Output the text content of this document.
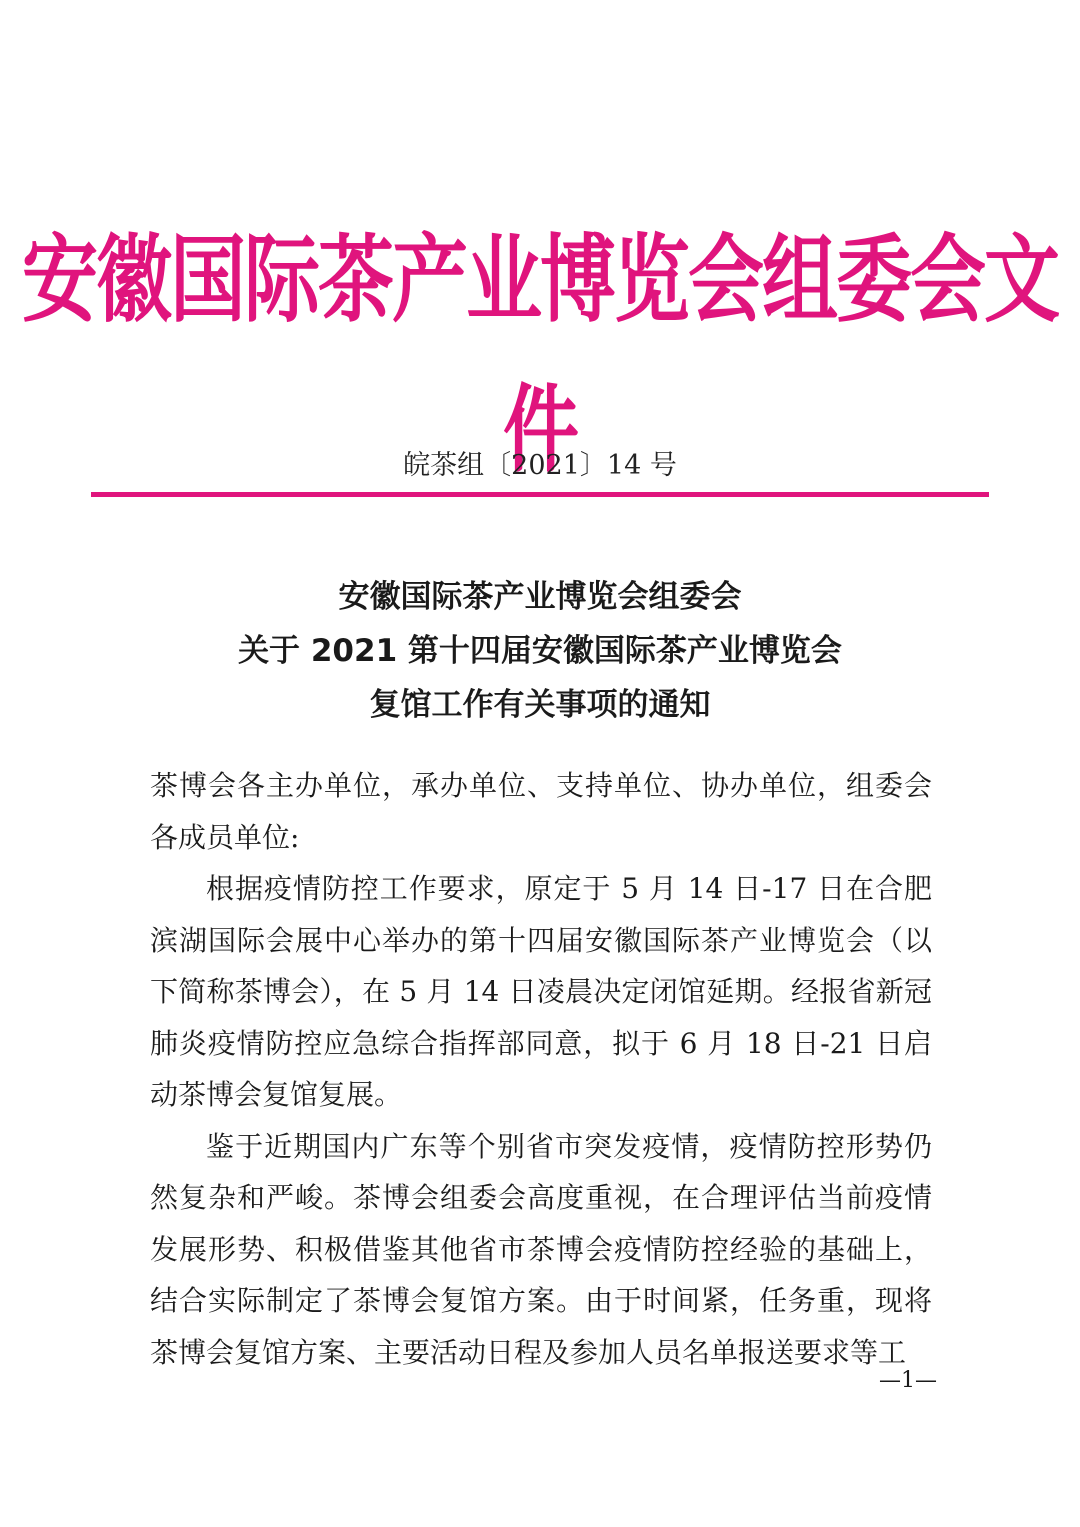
安徽国际茶产业博览会组委会文件
皖茶组〔2021〕14 号
安徽国际茶产业博览会组委会
关于 2021 第十四届安徽国际茶产业博览会
复馆工作有关事项的通知

茶博会各主办单位，承办单位、支持单位、协办单位，组委会各成员单位:

根据疫情防控工作要求，原定于 5 月 14 日-17 日在合肥滨湖国际会展中心举办的第十四届安徽国际茶产业博览会（以下简称茶博会），在 5 月 14 日凌晨决定闭馆延期。经报省新冠肺炎疫情防控应急综合指挥部同意，拟于 6 月 18 日-21 日启动茶博会复馆复展。

鉴于近期国内广东等个别省市突发疫情，疫情防控形势仍然复杂和严峻。茶博会组委会高度重视，在合理评估当前疫情发展形势、积极借鉴其他省市茶博会疫情防控经验的基础上，结合实际制定了茶博会复馆方案。由于时间紧，任务重，现将茶博会复馆方案、主要活动日程及参加人员名单报送要求等工

—1—
